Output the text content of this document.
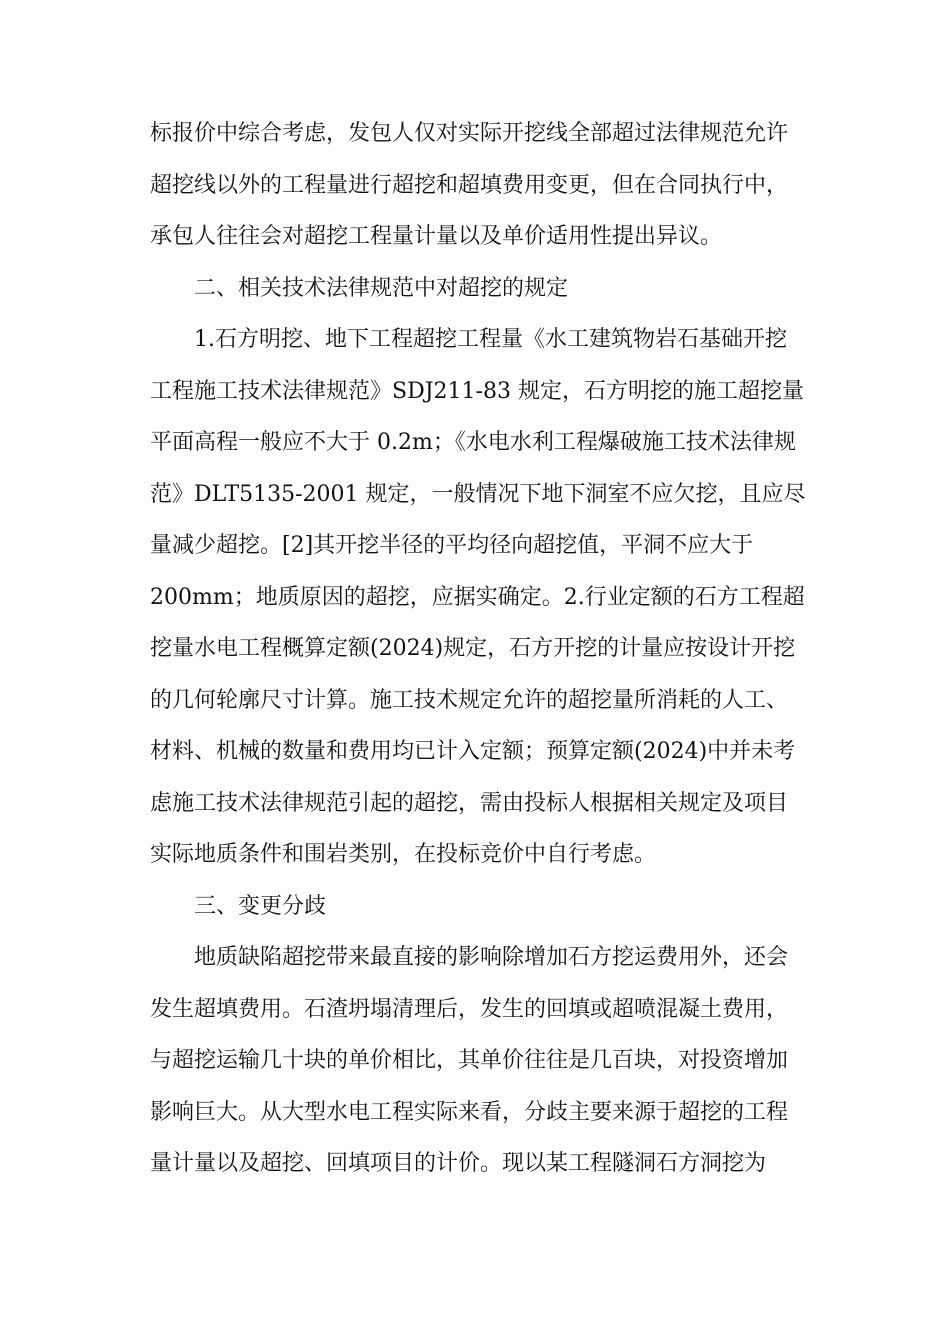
标报价中综合考虑，发包人仅对实际开挖线全部超过法律规范允许
超挖线以外的工程量进行超挖和超填费用变更，但在合同执行中，
承包人往往会对超挖工程量计量以及单价适用性提出异议。
二、相关技术法律规范中对超挖的规定
1.石方明挖、地下工程超挖工程量《水工建筑物岩石基础开挖
工程施工技术法律规范》SDJ211-83 规定，石方明挖的施工超挖量
平面高程一般应不大于 0.2m；《水电水利工程爆破施工技术法律规
范》DLT5135-2001 规定，一般情况下地下洞室不应欠挖，且应尽
量减少超挖。[2]其开挖半径的平均径向超挖值，平洞不应大于
200mm；地质原因的超挖，应据实确定。2.行业定额的石方工程超
挖量水电工程概算定额(2024)规定，石方开挖的计量应按设计开挖
的几何轮廓尺寸计算。施工技术规定允许的超挖量所消耗的人工、
材料、机械的数量和费用均已计入定额；预算定额(2024)中并未考
虑施工技术法律规范引起的超挖，需由投标人根据相关规定及项目
实际地质条件和围岩类别，在投标竞价中自行考虑。
三、变更分歧
地质缺陷超挖带来最直接的影响除增加石方挖运费用外，还会
发生超填费用。石渣坍塌清理后，发生的回填或超喷混凝土费用，
与超挖运输几十块的单价相比，其单价往往是几百块，对投资增加
影响巨大。从大型水电工程实际来看，分歧主要来源于超挖的工程
量计量以及超挖、回填项目的计价。现以某工程隧洞石方洞挖为
